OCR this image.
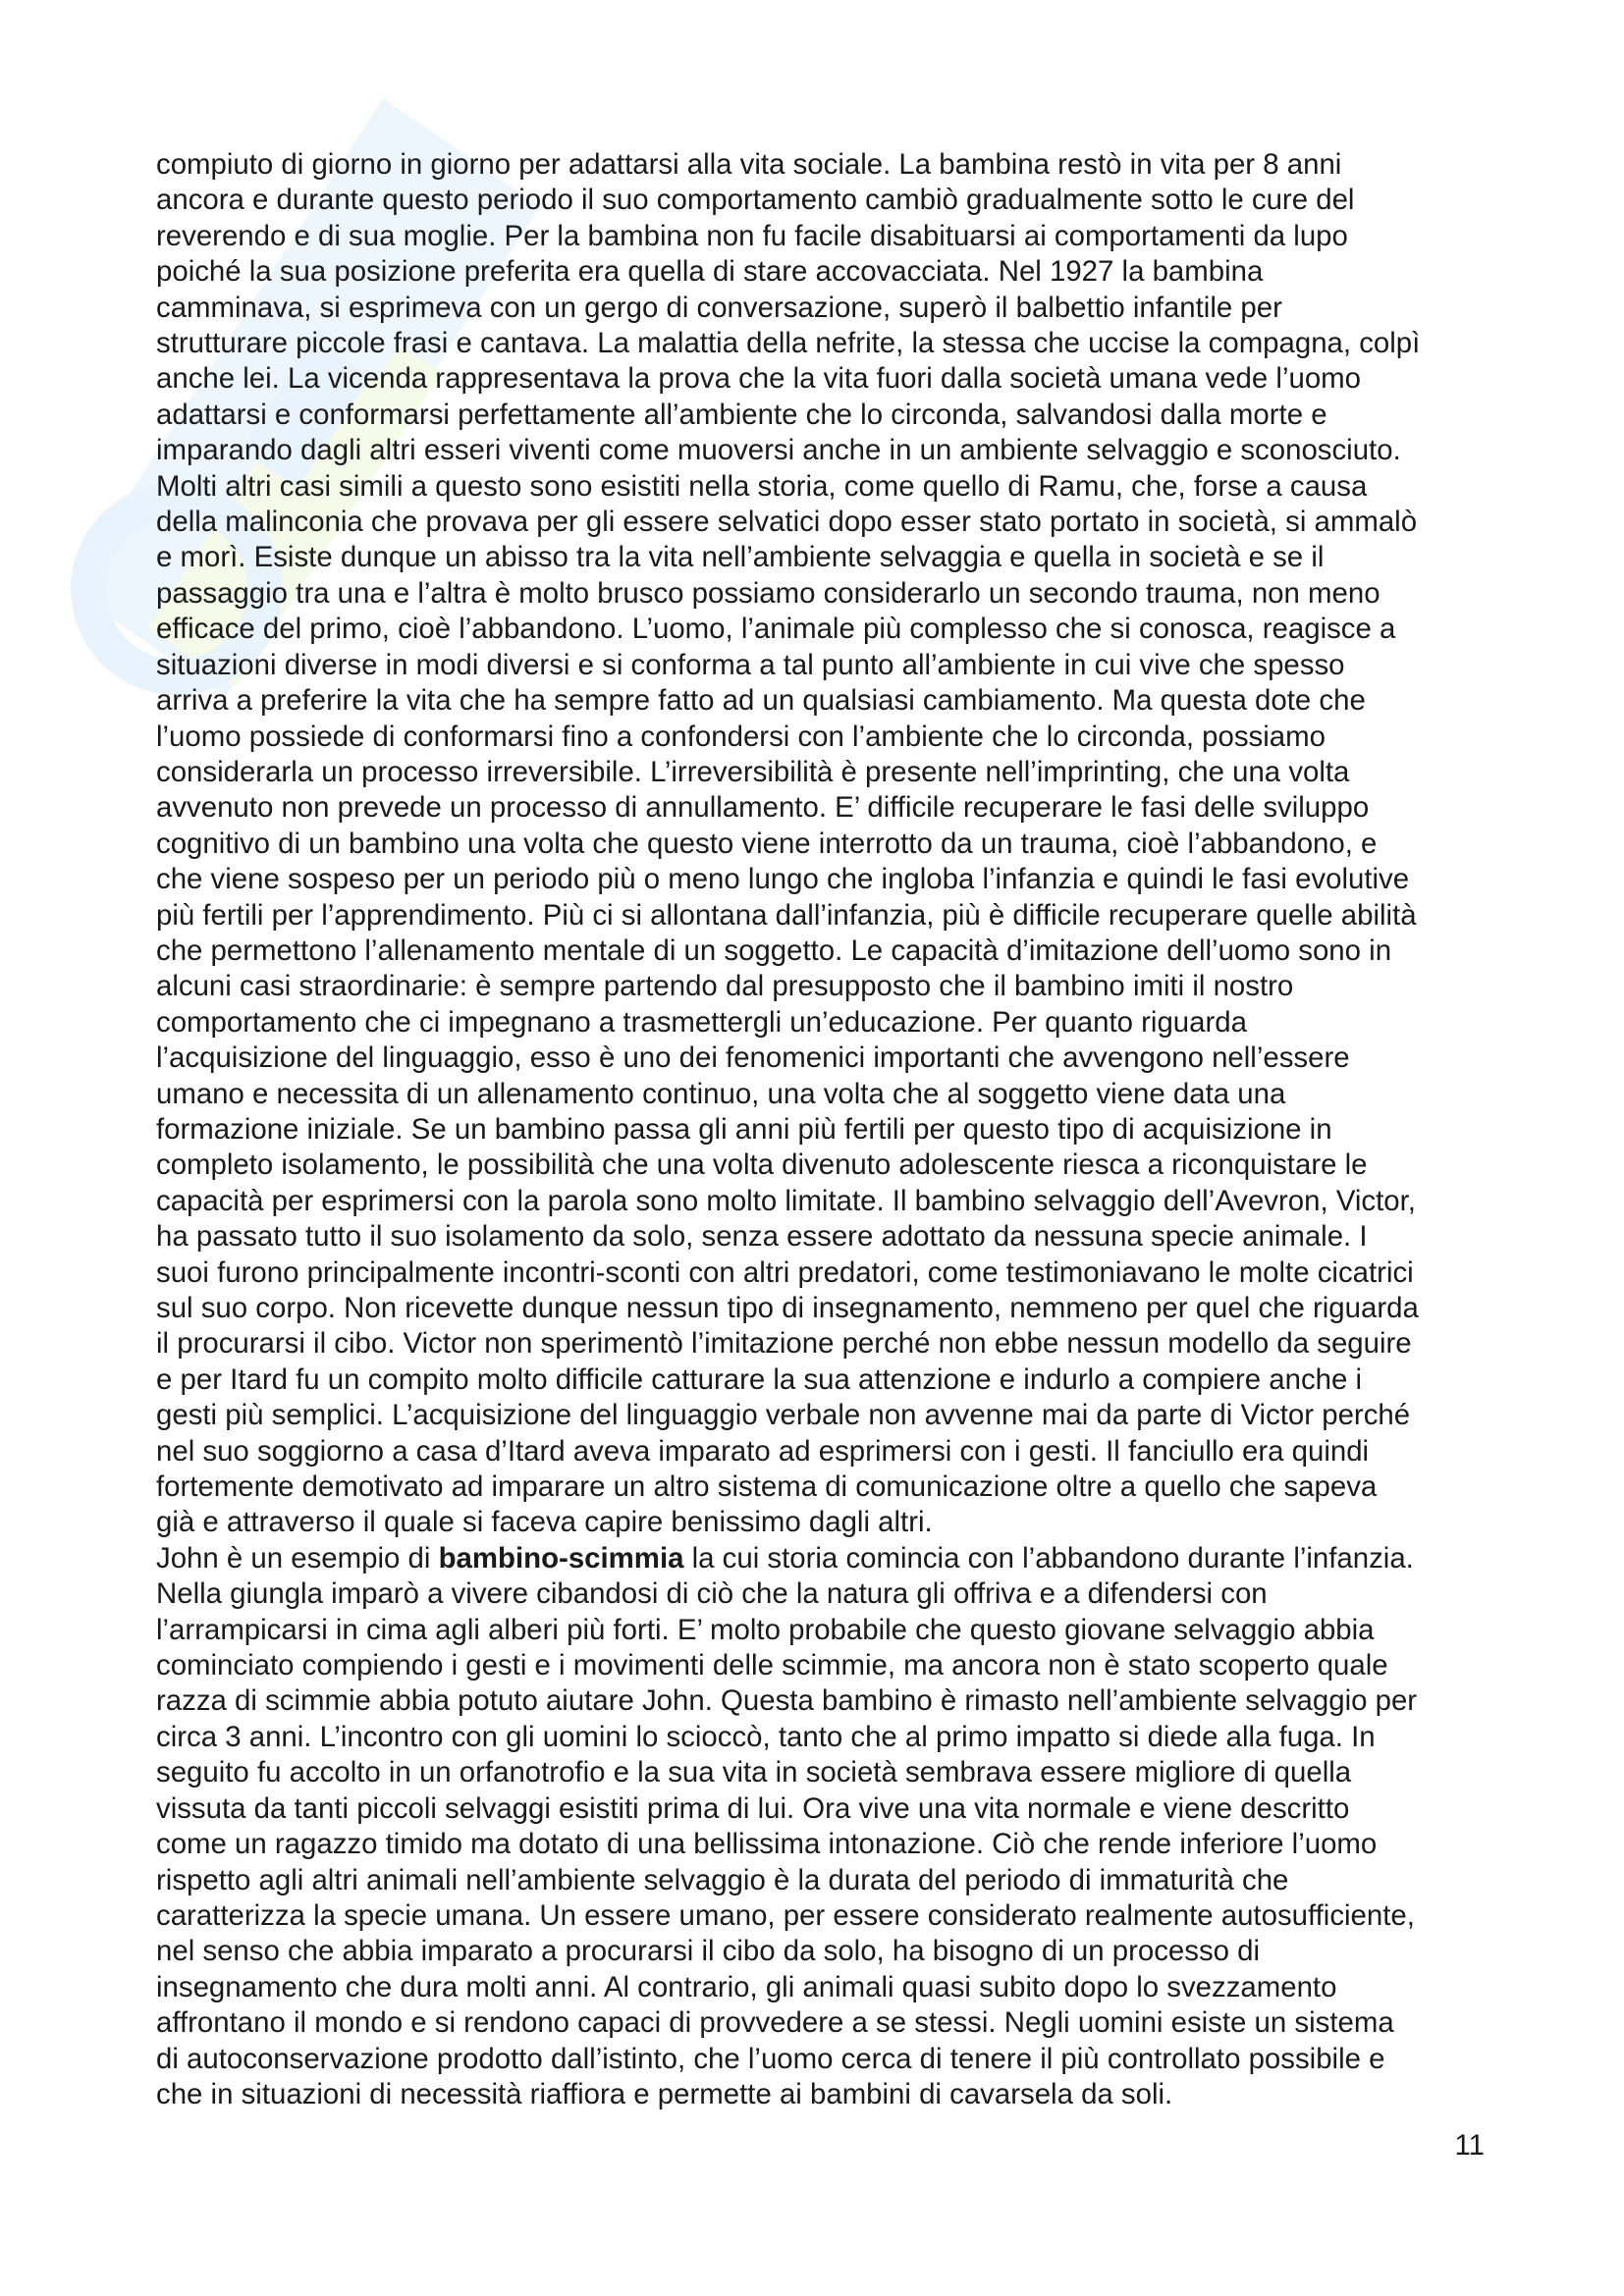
compiuto di giorno in giorno per adattarsi alla vita sociale. La bambina restò in vita per 8 anni
ancora e durante questo periodo il suo comportamento cambiò gradualmente sotto le cure del
reverendo e di sua moglie. Per la bambina non fu facile disabituarsi ai comportamenti da lupo
poiché la sua posizione preferita era quella di stare accovacciata. Nel 1927 la bambina
camminava, si esprimeva con un gergo di conversazione, superò il balbettio infantile per
strutturare piccole frasi e cantava. La malattia della nefrite, la stessa che uccise la compagna, colpì
anche lei. La vicenda rappresentava la prova che la vita fuori dalla società umana vede l’uomo
adattarsi e conformarsi perfettamente all’ambiente che lo circonda, salvandosi dalla morte e
imparando dagli altri esseri viventi come muoversi anche in un ambiente selvaggio e sconosciuto.
Molti altri casi simili a questo sono esistiti nella storia, come quello di Ramu, che, forse a causa
della malinconia che provava per gli essere selvatici dopo esser stato portato in società, si ammalò
e morì. Esiste dunque un abisso tra la vita nell’ambiente selvaggia e quella in società e se il
passaggio tra una e l’altra è molto brusco possiamo considerarlo un secondo trauma, non meno
efficace del primo, cioè l’abbandono. L’uomo, l’animale più complesso che si conosca, reagisce a
situazioni diverse in modi diversi e si conforma a tal punto all’ambiente in cui vive che spesso
arriva a preferire la vita che ha sempre fatto ad un qualsiasi cambiamento. Ma questa dote che
l’uomo possiede di conformarsi fino a confondersi con l’ambiente che lo circonda, possiamo
considerarla un processo irreversibile. L’irreversibilità è presente nell’imprinting, che una volta
avvenuto non prevede un processo di annullamento. E’ difficile recuperare le fasi delle sviluppo
cognitivo di un bambino una volta che questo viene interrotto da un trauma, cioè l’abbandono, e
che viene sospeso per un periodo più o meno lungo che ingloba l’infanzia e quindi le fasi evolutive
più fertili per l’apprendimento. Più ci si allontana dall’infanzia, più è difficile recuperare quelle abilità
che permettono l’allenamento mentale di un soggetto. Le capacità d’imitazione dell’uomo sono in
alcuni casi straordinarie: è sempre partendo dal presupposto che il bambino imiti il nostro
comportamento che ci impegnano a trasmettergli un’educazione. Per quanto riguarda
l’acquisizione del linguaggio, esso è uno dei fenomenici importanti che avvengono nell’essere
umano e necessita di un allenamento continuo, una volta che al soggetto viene data una
formazione iniziale. Se un bambino passa gli anni più fertili per questo tipo di acquisizione in
completo isolamento, le possibilità che una volta divenuto adolescente riesca a riconquistare le
capacità per esprimersi con la parola sono molto limitate. Il bambino selvaggio dell’Avevron, Victor,
ha passato tutto il suo isolamento da solo, senza essere adottato da nessuna specie animale. I
suoi furono principalmente incontri-sconti con altri predatori, come testimoniavano le molte cicatrici
sul suo corpo. Non ricevette dunque nessun tipo di insegnamento, nemmeno per quel che riguarda
il procurarsi il cibo. Victor non sperimentò l’imitazione perché non ebbe nessun modello da seguire
e per Itard fu un compito molto difficile catturare la sua attenzione e indurlo a compiere anche i
gesti più semplici. L’acquisizione del linguaggio verbale non avvenne mai da parte di Victor perché
nel suo soggiorno a casa d’Itard aveva imparato ad esprimersi con i gesti. Il fanciullo era quindi
fortemente demotivato ad imparare un altro sistema di comunicazione oltre a quello che sapeva
già e attraverso il quale si faceva capire benissimo dagli altri.

John è un esempio di bambino-scimmia la cui storia comincia con l’abbandono durante l’infanzia.
Nella giungla imparò a vivere cibandosi di ciò che la natura gli offriva e a difendersi con
l’arrampicarsi in cima agli alberi più forti. E’ molto probabile che questo giovane selvaggio abbia
cominciato compiendo i gesti e i movimenti delle scimmie, ma ancora non è stato scoperto quale
razza di scimmie abbia potuto aiutare John. Questa bambino è rimasto nell’ambiente selvaggio per
circa 3 anni. L’incontro con gli uomini lo scioccò, tanto che al primo impatto si diede alla fuga. In
seguito fu accolto in un orfanotrofio e la sua vita in società sembrava essere migliore di quella
vissuta da tanti piccoli selvaggi esistiti prima di lui. Ora vive una vita normale e viene descritto
come un ragazzo timido ma dotato di una bellissima intonazione. Ciò che rende inferiore l’uomo
rispetto agli altri animali nell’ambiente selvaggio è la durata del periodo di immaturità che
caratterizza la specie umana. Un essere umano, per essere considerato realmente autosufficiente,
nel senso che abbia imparato a procurarsi il cibo da solo, ha bisogno di un processo di
insegnamento che dura molti anni. Al contrario, gli animali quasi subito dopo lo svezzamento
affrontano il mondo e si rendono capaci di provvedere a se stessi. Negli uomini esiste un sistema
di autoconservazione prodotto dall’istinto, che l’uomo cerca di tenere il più controllato possibile e
che in situazioni di necessità riaffiora e permette ai bambini di cavarsela da soli.

11
